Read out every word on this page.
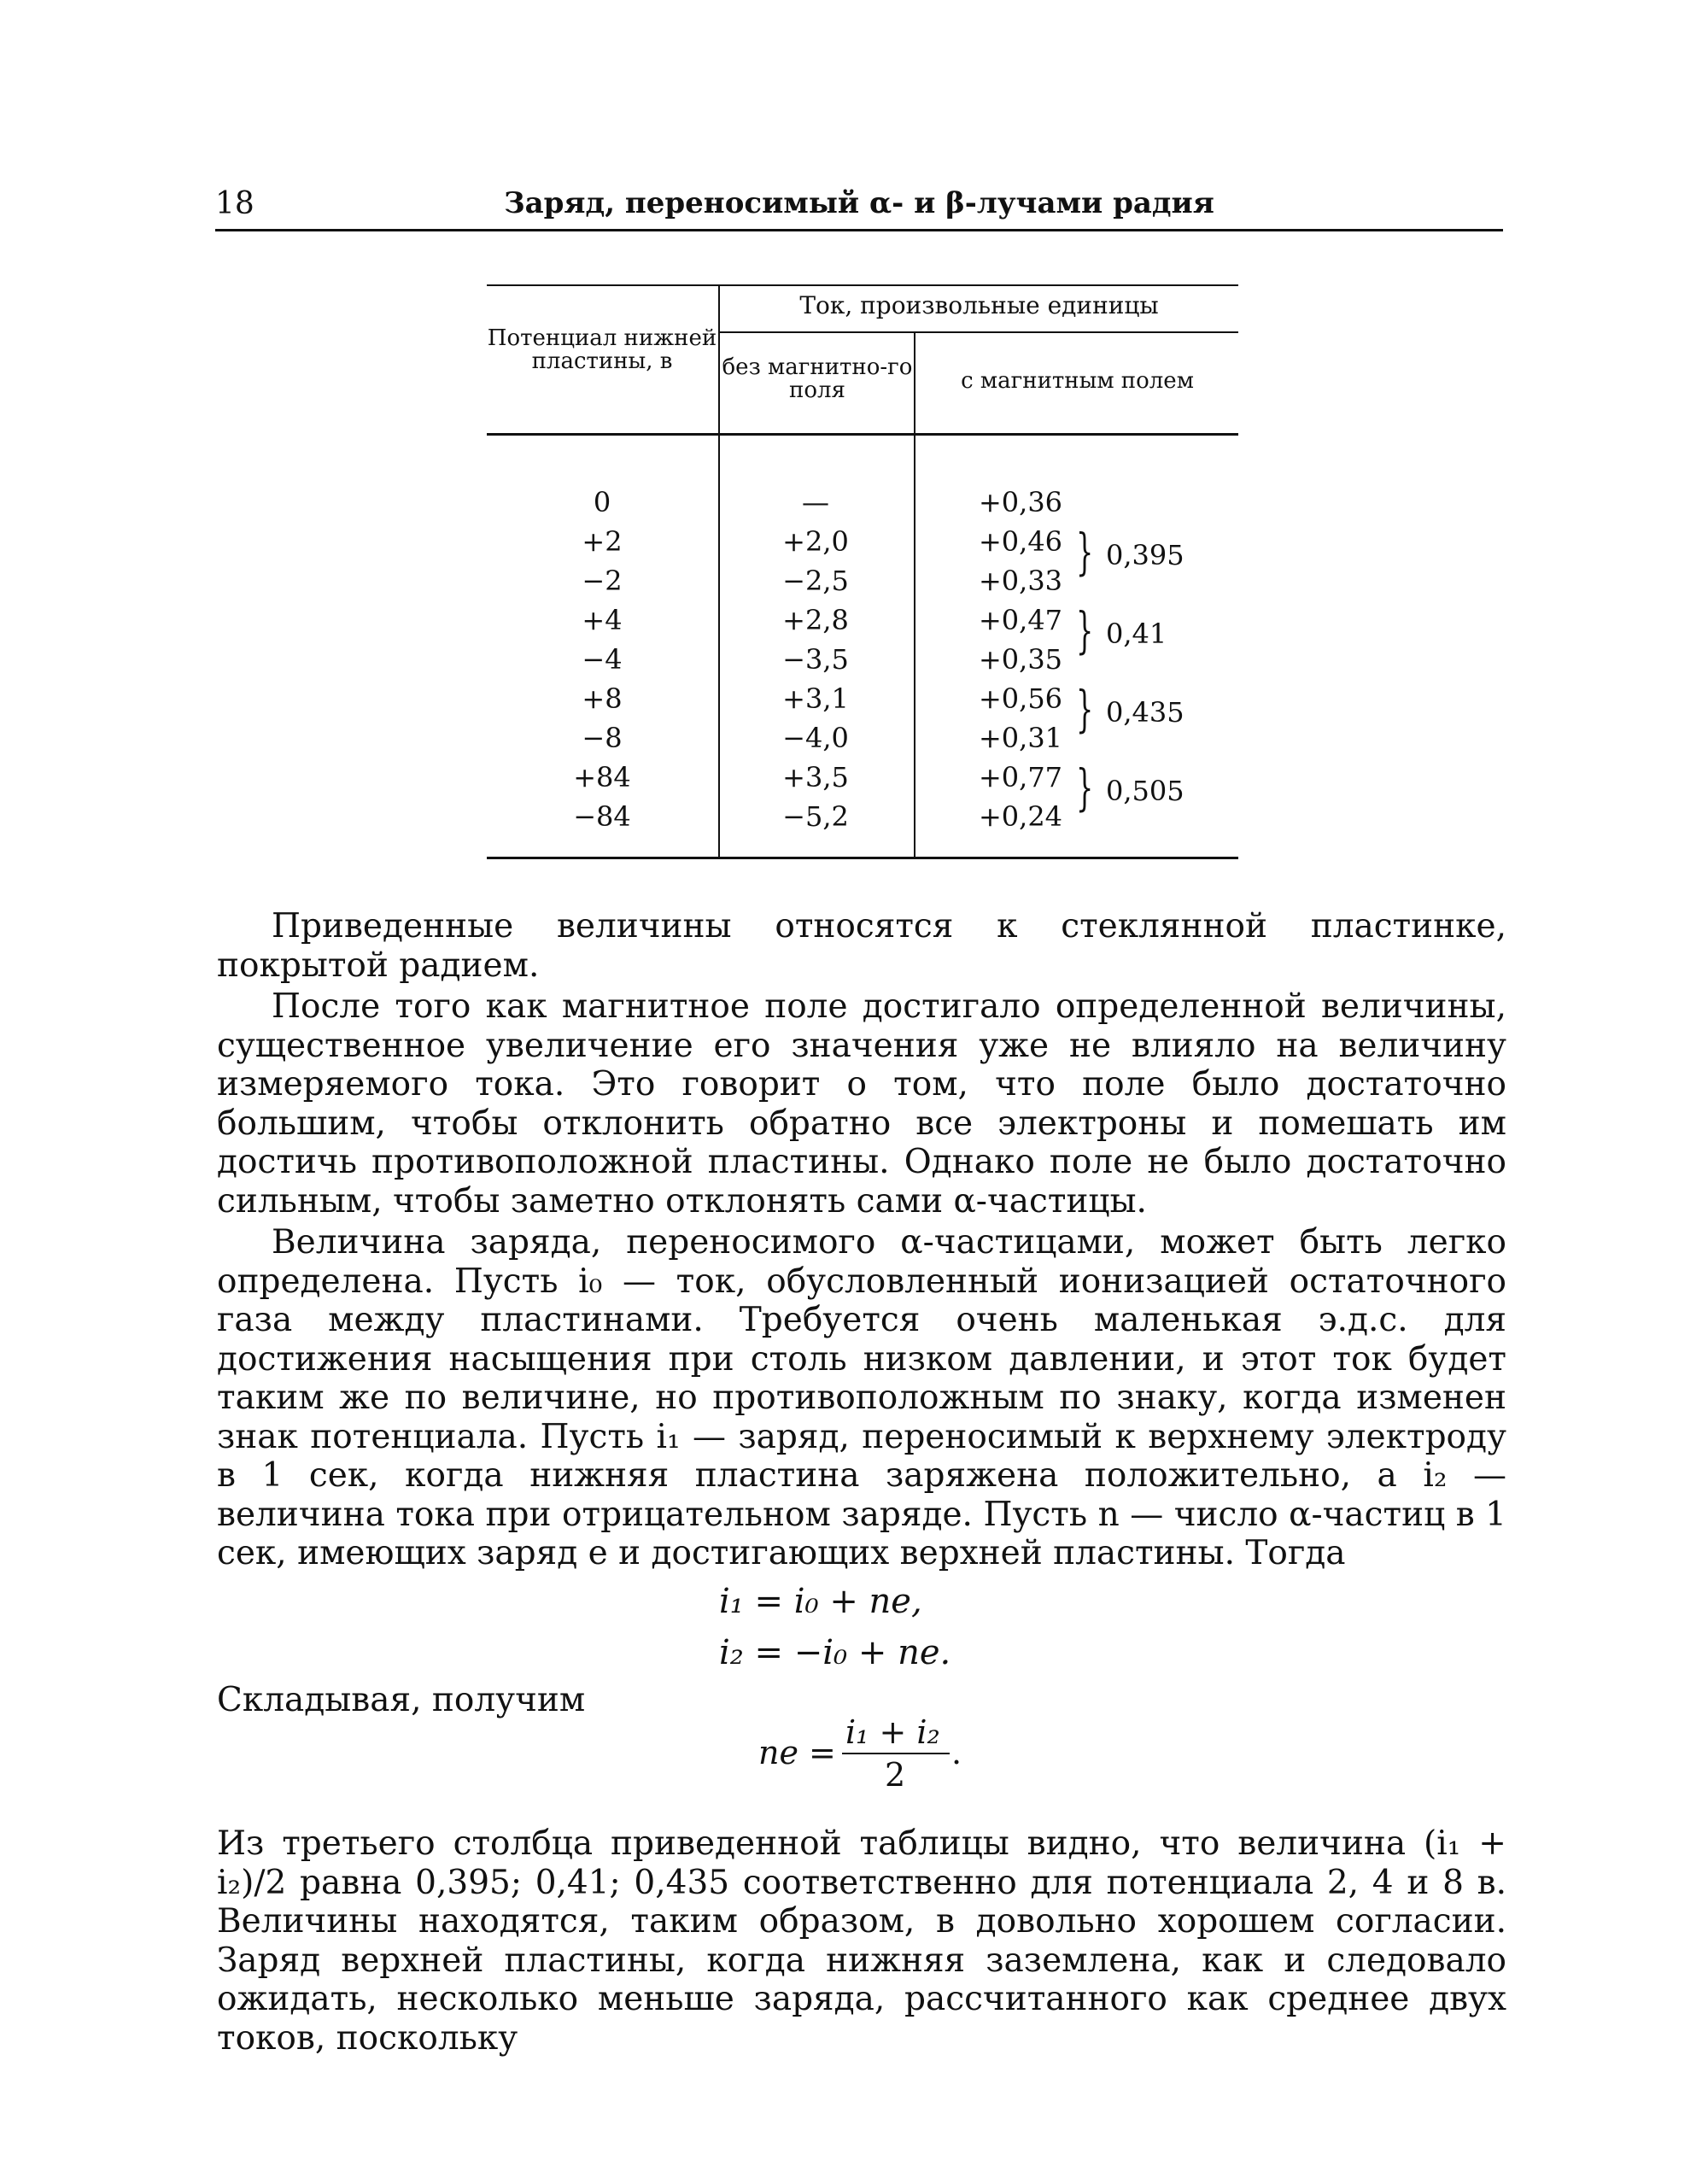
18	Заряд, переносимый α- и β-лучами радия
Потенциал нижней пластины, в
Ток, произвольные единицы
без магнитно-го поля	с магнитным полем
0
+2
−2
+4
−4
+8
−8
+84
−84
—
+2,0
−2,5
+2,8
−3,5
+3,1
−4,0
+3,5
−5,2
+0,36
+0,46
+0,33
+0,47
+0,35
+0,56
+0,31
+0,77
+0,24
}
}
}
}
0,395
0,41
0,435
0,505
Приведенные величины относятся к стеклянной пластинке, покрытой радием.
После того как магнитное поле достигало определенной величины, существенное увеличение его значения уже не влияло на величину измеряемого тока. Это говорит о том, что поле было достаточно большим, чтобы отклонить обратно все электроны и помешать им достичь противоположной пластины. Однако поле не было достаточно сильным, чтобы заметно отклонять сами α-частицы.
Величина заряда, переносимого α-частицами, может быть легко определена. Пусть i₀ — ток, обусловленный ионизацией остаточного газа между пластинами. Требуется очень маленькая э.д.с. для достижения насыщения при столь низком давлении, и этот ток будет таким же по величине, но противоположным по знаку, когда изменен знак потенциала. Пусть i₁ — заряд, переносимый к верхнему электроду в 1 сек, когда нижняя пластина заряжена положительно, а i₂ — величина тока при отрицательном заряде. Пусть n — число α-частиц в 1 сек, имеющих заряд e и достигающих верхней пластины. Тогда
i₁ = i₀ + ne,
i₂ = −i₀ + ne.
Складывая, получим
ne =
i₁ + i₂
2
.
Из третьего столбца приведенной таблицы видно, что величина (i₁ + i₂)/2 равна 0,395; 0,41; 0,435 соответственно для потенциала 2, 4 и 8 в. Величины находятся, таким образом, в довольно хорошем согласии. Заряд верхней пластины, когда нижняя заземлена, как и следовало ожидать, несколько меньше заряда, рассчитанного как среднее двух токов, поскольку
